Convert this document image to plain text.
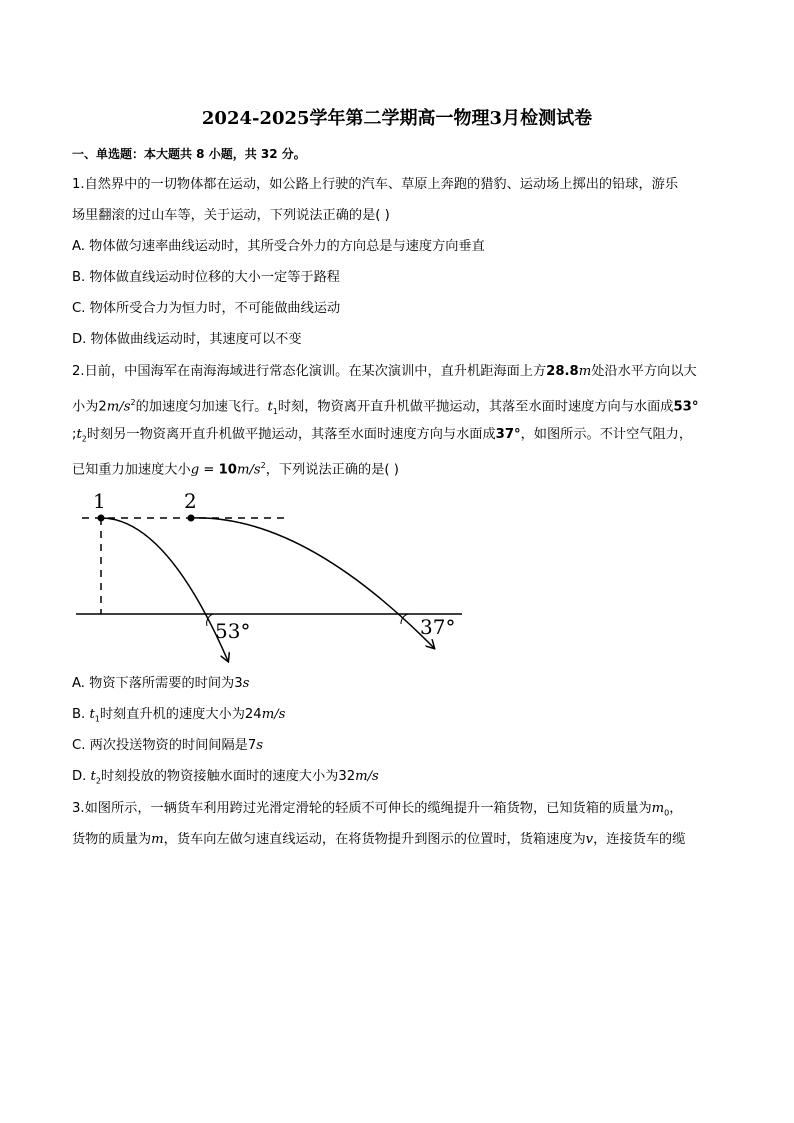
2024-2025学年第二学期高一物理3月检测试卷

一、单选题：本大题共 8 小题，共 32 分。

1.自然界中的一切物体都在运动，如公路上行驶的汽车、草原上奔跑的猎豹、运动场上掷出的铅球，游乐
场里翻滚的过山车等，关于运动，下列说法正确的是( )
A. 物体做匀速率曲线运动时，其所受合外力的方向总是与速度方向垂直
B. 物体做直线运动时位移的大小一定等于路程
C. 物体所受合力为恒力时，不可能做曲线运动
D. 物体做曲线运动时，其速度可以不变
2.日前，中国海军在南海海域进行常态化演训。在某次演训中，直升机距海面上方28.8m处沿水平方向以大
小为$2m/s^2$的加速度匀加速飞行。$t_1$时刻，物资离开直升机做平抛运动，其落至水面时速度方向与水面成53°
$;t_2$时刻另一物资离开直升机做平抛运动，其落至水面时速度方向与水面成37°，如图所示。不计空气阻力，
已知重力加速度大小$g = 10m/s^2$，下列说法正确的是( )
1	2
53°	37°
A. 物资下落所需要的时间为3s
B. $t_1$时刻直升机的速度大小为24m/s
C. 两次投送物资的时间间隔是7s
D. $t_2$时刻投放的物资接触水面时的速度大小为32m/s
3.如图所示，一辆货车利用跨过光滑定滑轮的轻质不可伸长的缆绳提升一箱货物，已知货箱的质量为$m_0$，
货物的质量为m，货车向左做匀速直线运动，在将货物提升到图示的位置时，货箱速度为v，连接货车的缆
